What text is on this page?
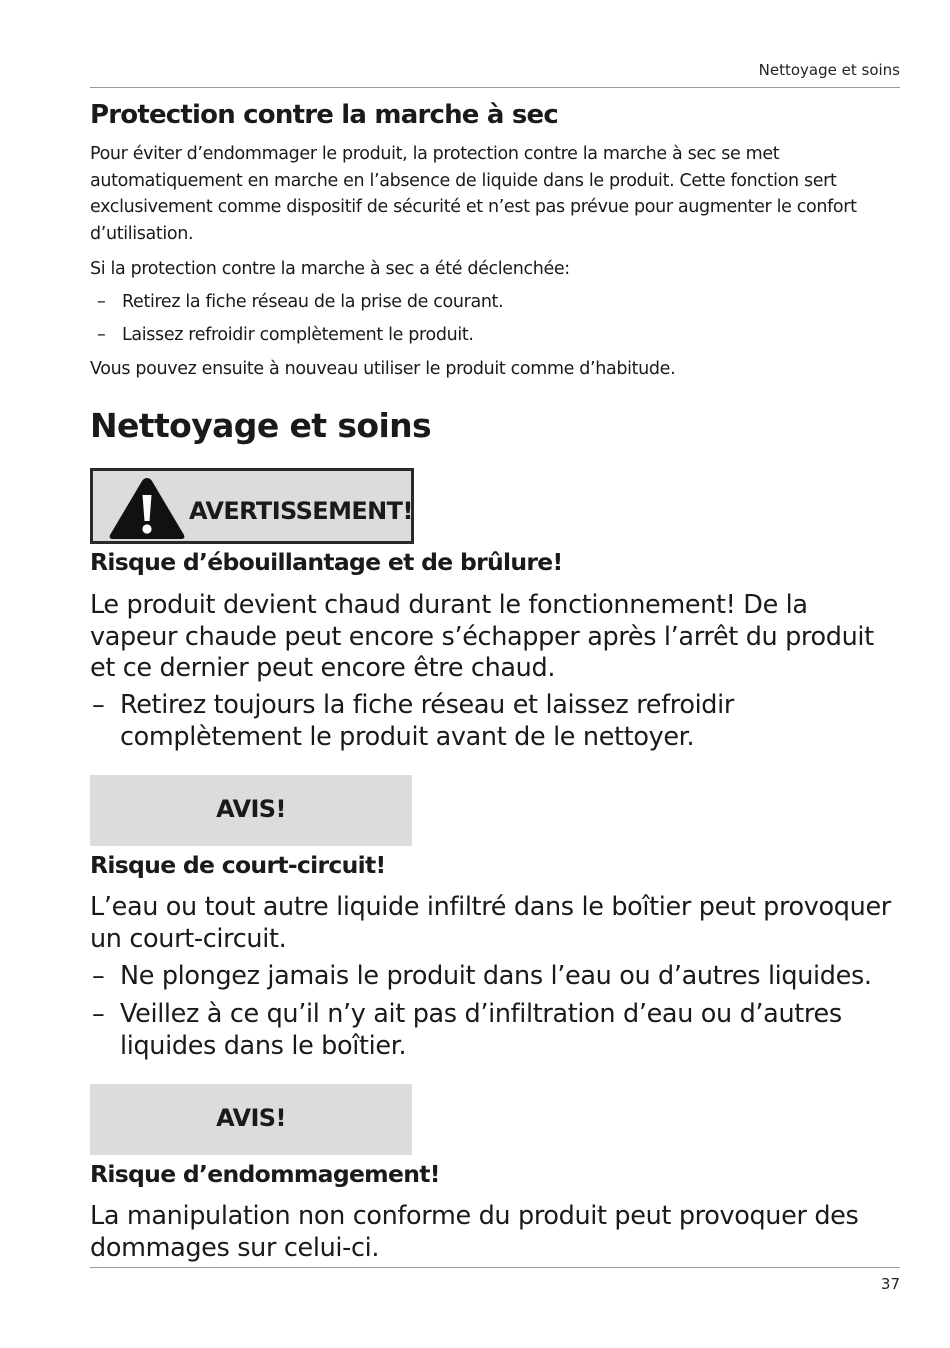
Nettoyage et soins
Protection contre la marche à sec

Pour éviter d’endommager le produit, la protection contre la marche à sec se met automatiquement en marche en l’absence de liquide dans le produit. Cette fonction sert exclusivement comme dispositif de sécurité et n’est pas prévue pour augmenter le confort d’utilisation.

Si la protection contre la marche à sec a été déclenchée:

– Retirez la fiche réseau de la prise de courant.
– Laissez refroidir complètement le produit.

Vous pouvez ensuite à nouveau utiliser le produit comme d’habitude.

Nettoyage et soins
AVERTISSEMENT!
Risque d’ébouillantage et de brûlure!

Le produit devient chaud durant le fonctionnement! De la vapeur chaude peut encore s’échapper après l’arrêt du produit et ce dernier peut encore être chaud.

– Retirez toujours la fiche réseau et laissez refroidir complètement le produit avant de le nettoyer.
AVIS!
Risque de court-circuit!

L’eau ou tout autre liquide infiltré dans le boîtier peut provoquer un court-circuit.

– Ne plongez jamais le produit dans l’eau ou d’autres liquides.
– Veillez à ce qu’il n’y ait pas d’infiltration d’eau ou d’autres liquides dans le boîtier.
AVIS!
Risque d’endommagement!

La manipulation non conforme du produit peut provoquer des dommages sur celui-ci.

37
